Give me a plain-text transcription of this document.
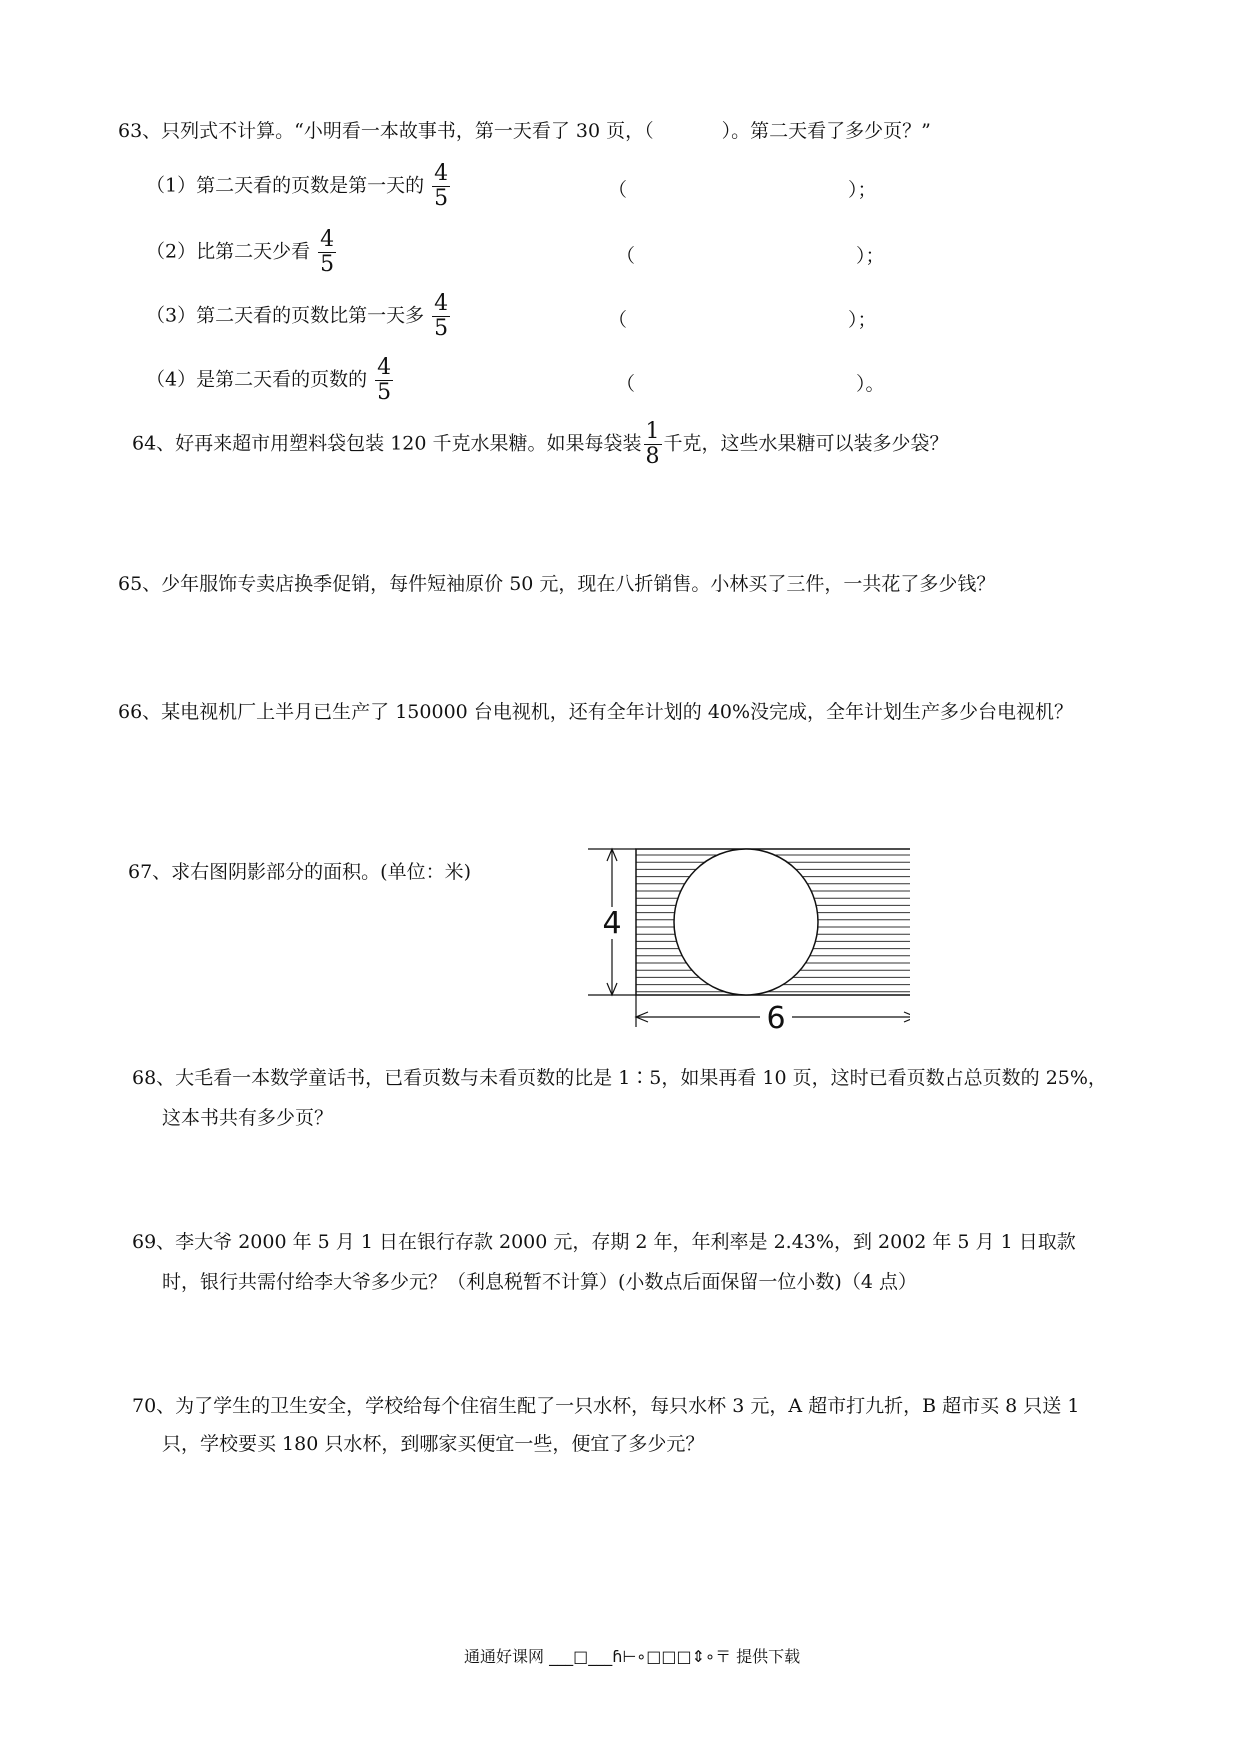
63、只列式不计算。“小明看一本故事书，第一天看了 30 页，（	）。第二天看了多少页？”
（1）第二天看的页数是第一天的 $\frac{4}{5}$	（	）；
（2）比第二天少看 $\frac{4}{5}$	（	）；
（3）第二天看的页数比第一天多 $\frac{4}{5}$	（	）；
（4）是第二天看的页数的 $\frac{4}{5}$	（	）。
64、好再来超市用塑料袋包装 120 千克水果糖。如果每袋装 $\frac{1}{8}$ 千克，这些水果糖可以装多少袋？
65、少年服饰专卖店换季促销，每件短袖原价 50 元，现在八折销售。小林买了三件，一共花了多少钱？
66、某电视机厂上半月已生产了 150000 台电视机，还有全年计划的 40%没完成，全年计划生产多少台电视机？
67、求右图阴影部分的面积。(单位：米)
4
6
68、大毛看一本数学童话书，已看页数与未看页数的比是 1∶5，如果再看 10 页，这时已看页数占总页数的 25%，
这本书共有多少页？
69、李大爷 2000 年 5 月 1 日在银行存款 2000 元，存期 2 年，年利率是 2.43%，到 2002 年 5 月 1 日取款
时，银行共需付给李大爷多少元？（利息税暂不计算）(小数点后面保留一位小数)（4 点）
70、为了学生的卫生安全，学校给每个住宿生配了一只水杯，每只水杯 3 元，A 超市打九折，B 超市买 8 只送 1
只，学校要买 180 只水杯，到哪家买便宜一些，便宜了多少元？
通通好课网 ___□___ɦ⊢∘□□□⇕∘〒 提供下载
